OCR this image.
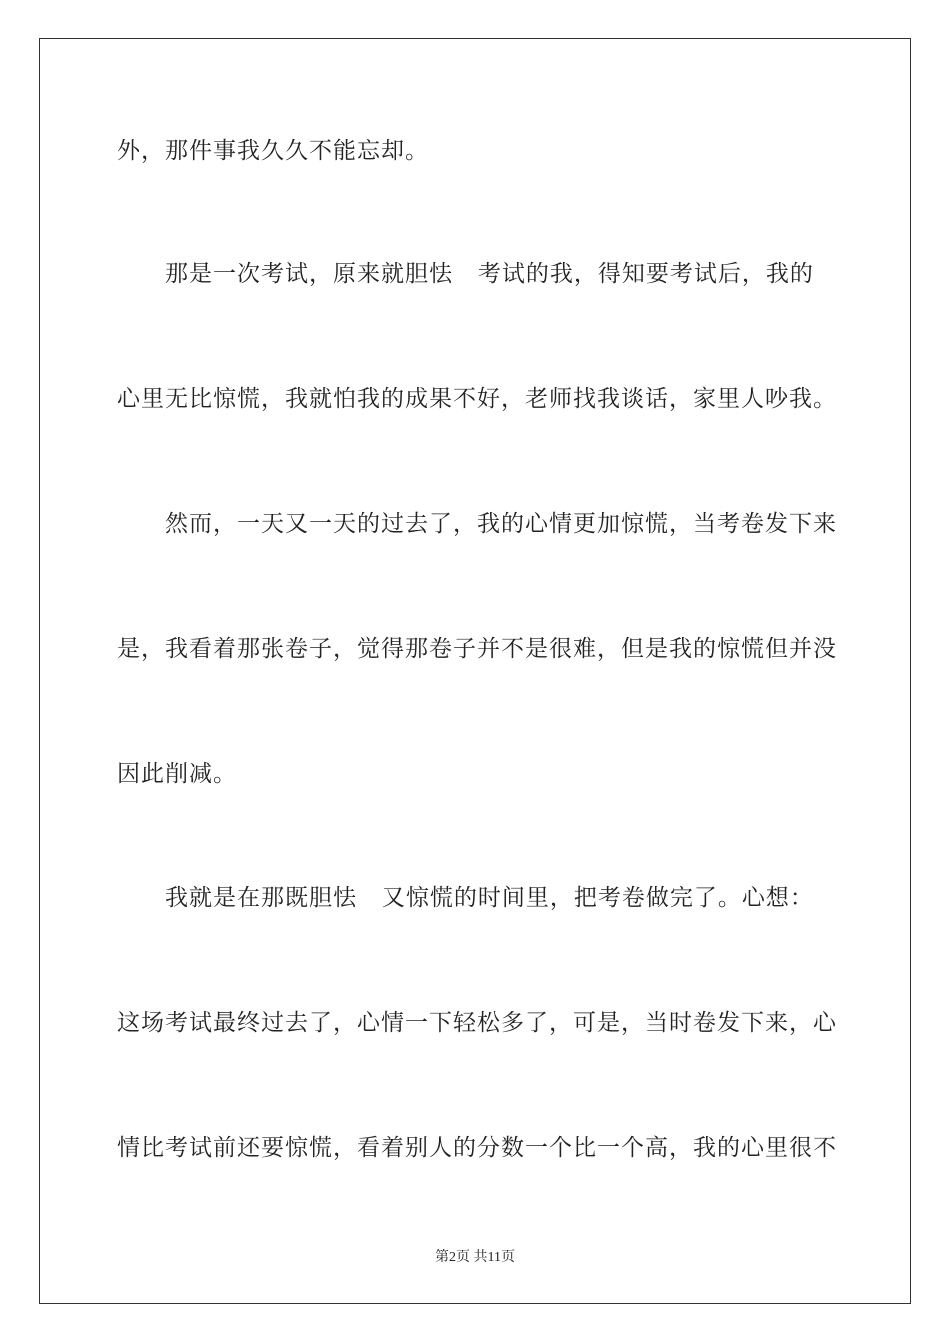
外，那件事我久久不能忘却。
那是一次考试，原来就胆怯   考试的我，得知要考试后，我的
心里无比惊慌，我就怕我的成果不好，老师找我谈话，家里人吵我。
然而，一天又一天的过去了，我的心情更加惊慌，当考卷发下来
是，我看着那张卷子，觉得那卷子并不是很难，但是我的惊慌但并没
因此削减。
我就是在那既胆怯   又惊慌的时间里，把考卷做完了。心想：
这场考试最终过去了，心情一下轻松多了，可是，当时卷发下来，心
情比考试前还要惊慌，看着别人的分数一个比一个高，我的心里很不
第2页 共11页
